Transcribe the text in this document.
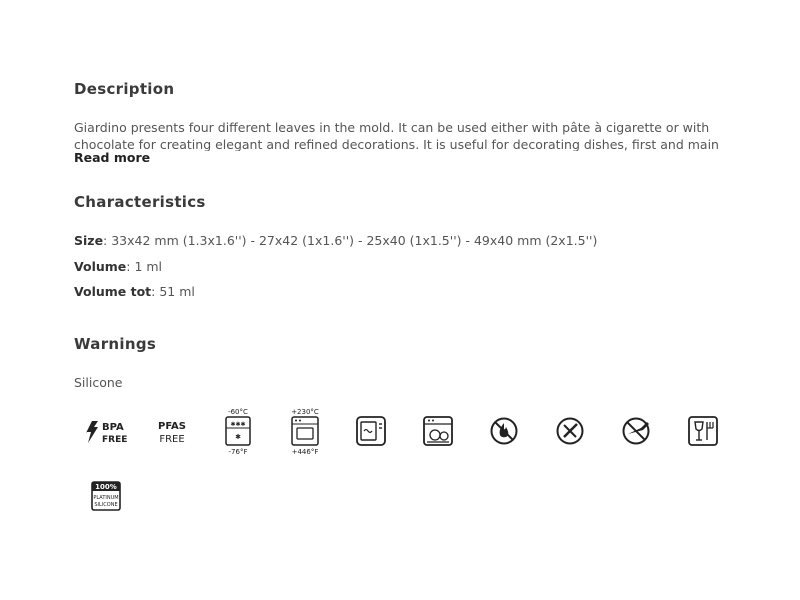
Description
Giardino presents four different leaves in the mold. It can be used either with pâte à cigarette or with
chocolate for creating elegant and refined decorations. It is useful for decorating dishes, first and main
Read more
Characteristics
Size: 33x42 mm (1.3x1.6'') - 27x42 (1x1.6'') - 25x40 (1x1.5'') - 49x40 mm (2x1.5'')
Volume: 1 ml
Volume tot: 51 ml
Warnings
Silicone
BPA
FREE
PFAS
FREE
-60°C
✱✱✱
✱
-76°F
+230°C
+446°F
100%
PLATINUM
SILICONE
